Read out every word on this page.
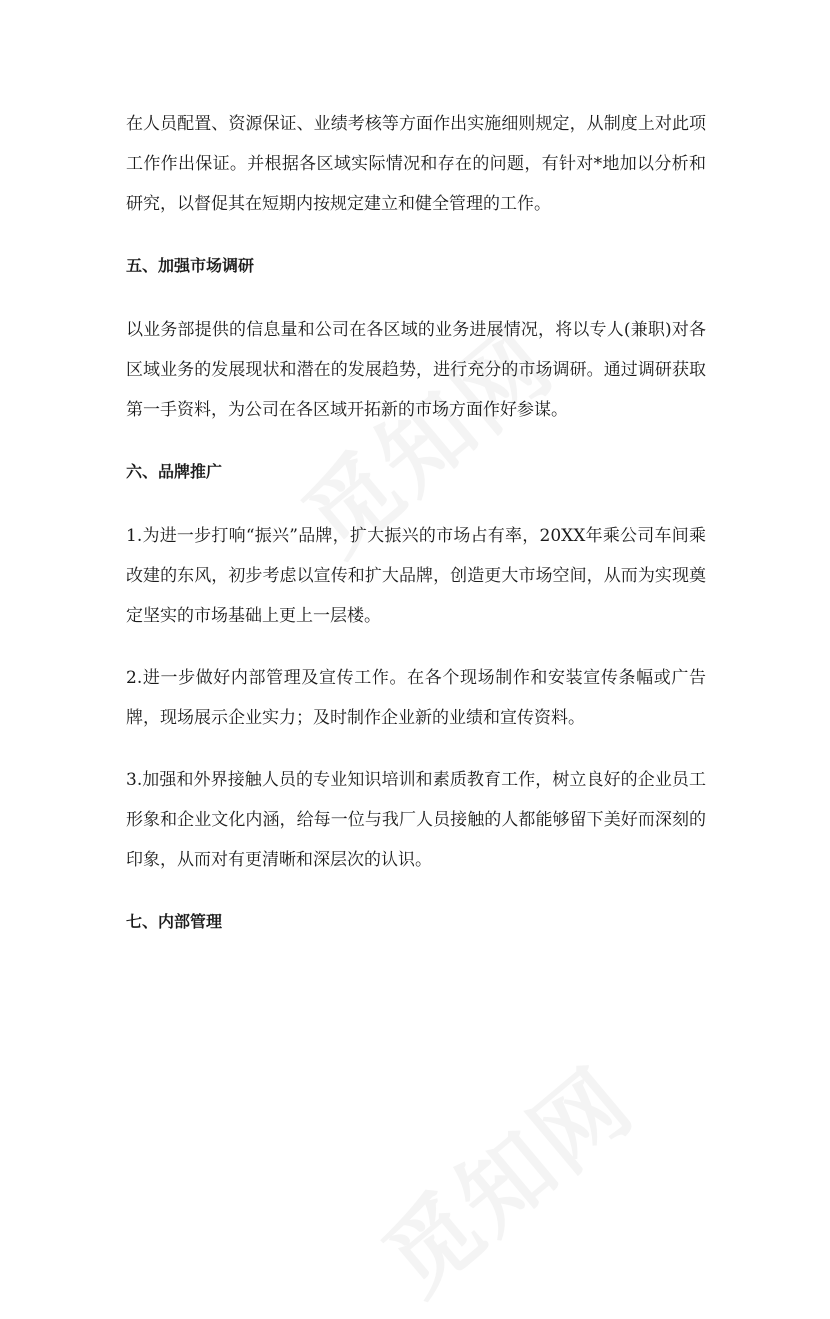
在人员配置、资源保证、业绩考核等方面作出实施细则规定，从制度上对此项工作作出保证。并根据各区域实际情况和存在的问题，有针对*地加以分析和研究，以督促其在短期内按规定建立和健全管理的工作。

五、加强市场调研

以业务部提供的信息量和公司在各区域的业务进展情况，将以专人(兼职)对各区域业务的发展现状和潜在的发展趋势，进行充分的市场调研。通过调研获取第一手资料，为公司在各区域开拓新的市场方面作好参谋。

六、品牌推广

1.为进一步打响“振兴”品牌，扩大振兴的市场占有率，20XX年乘公司车间乘改建的东风，初步考虑以宣传和扩大品牌，创造更大市场空间，从而为实现奠定坚实的市场基础上更上一层楼。

2.进一步做好内部管理及宣传工作。在各个现场制作和安装宣传条幅或广告牌，现场展示企业实力；及时制作企业新的业绩和宣传资料。

3.加强和外界接触人员的专业知识培训和素质教育工作，树立良好的企业员工形象和企业文化内涵，给每一位与我厂人员接触的人都能够留下美好而深刻的印象，从而对有更清晰和深层次的认识。

七、内部管理
